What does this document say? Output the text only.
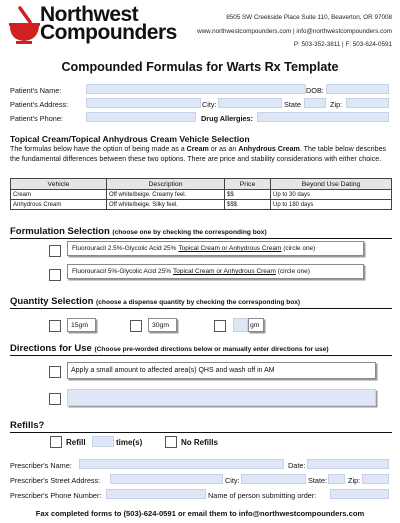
Northwest
Compounders
8505 SW Creekside Place Suite 110, Beaverton, OR 97008
www.northwestcompounders.com | info@northwestcompounders.com
P: 503-352-3811 | F: 503-624-0591
Compounded Formulas for Warts Rx Template
Patient's Name:	DOB:
Patient's Address:	City:	State	Zip:
Patient's Phone:	Drug Allergies:
Topical Cream/Topical Anhydrous Cream Vehicle Selection
The formulas below have the option of being made as a Cream or as an Anhydrous Cream. The table below describes the fundamental differences between these two options. There are price and stability considerations with either choice.
Vehicle	Description	Price	Beyond Use Dating
Cream	Off white/beige. Creamy feel.	$$	Up to 30 days
Anhydrous Cream	Off white/beige. Silky feel.	$$$	Up to 180 days
Formulation Selection (choose one by checking the corresponding box)
Fluorouracil 2.5%-Glycolic Acid 25% Topical Cream or Anhydrous Cream
(circle one)
Fluorouracil 5%-Glycolic Acid 25% Topical Cream or Anhydrous Cream
(circle one)
Quantity Selection (choose a dispense quantity by checking the corresponding box)
15gm	30gm	gm
Directions for Use (Choose pre-worded directions below or manually enter directions for use)
Apply a small amount to affected area(s) QHS and wash off in AM
Refills?
Refill	time(s)	No Refills
Prescriber's Name:	Date:
Prescriber's Street Address:	City:	State:	Zip:
Prescriber's Phone Number:	Name of person submitting order:
Fax completed forms to (503)-624-0591 or email them to info@northwestcompounders.com
